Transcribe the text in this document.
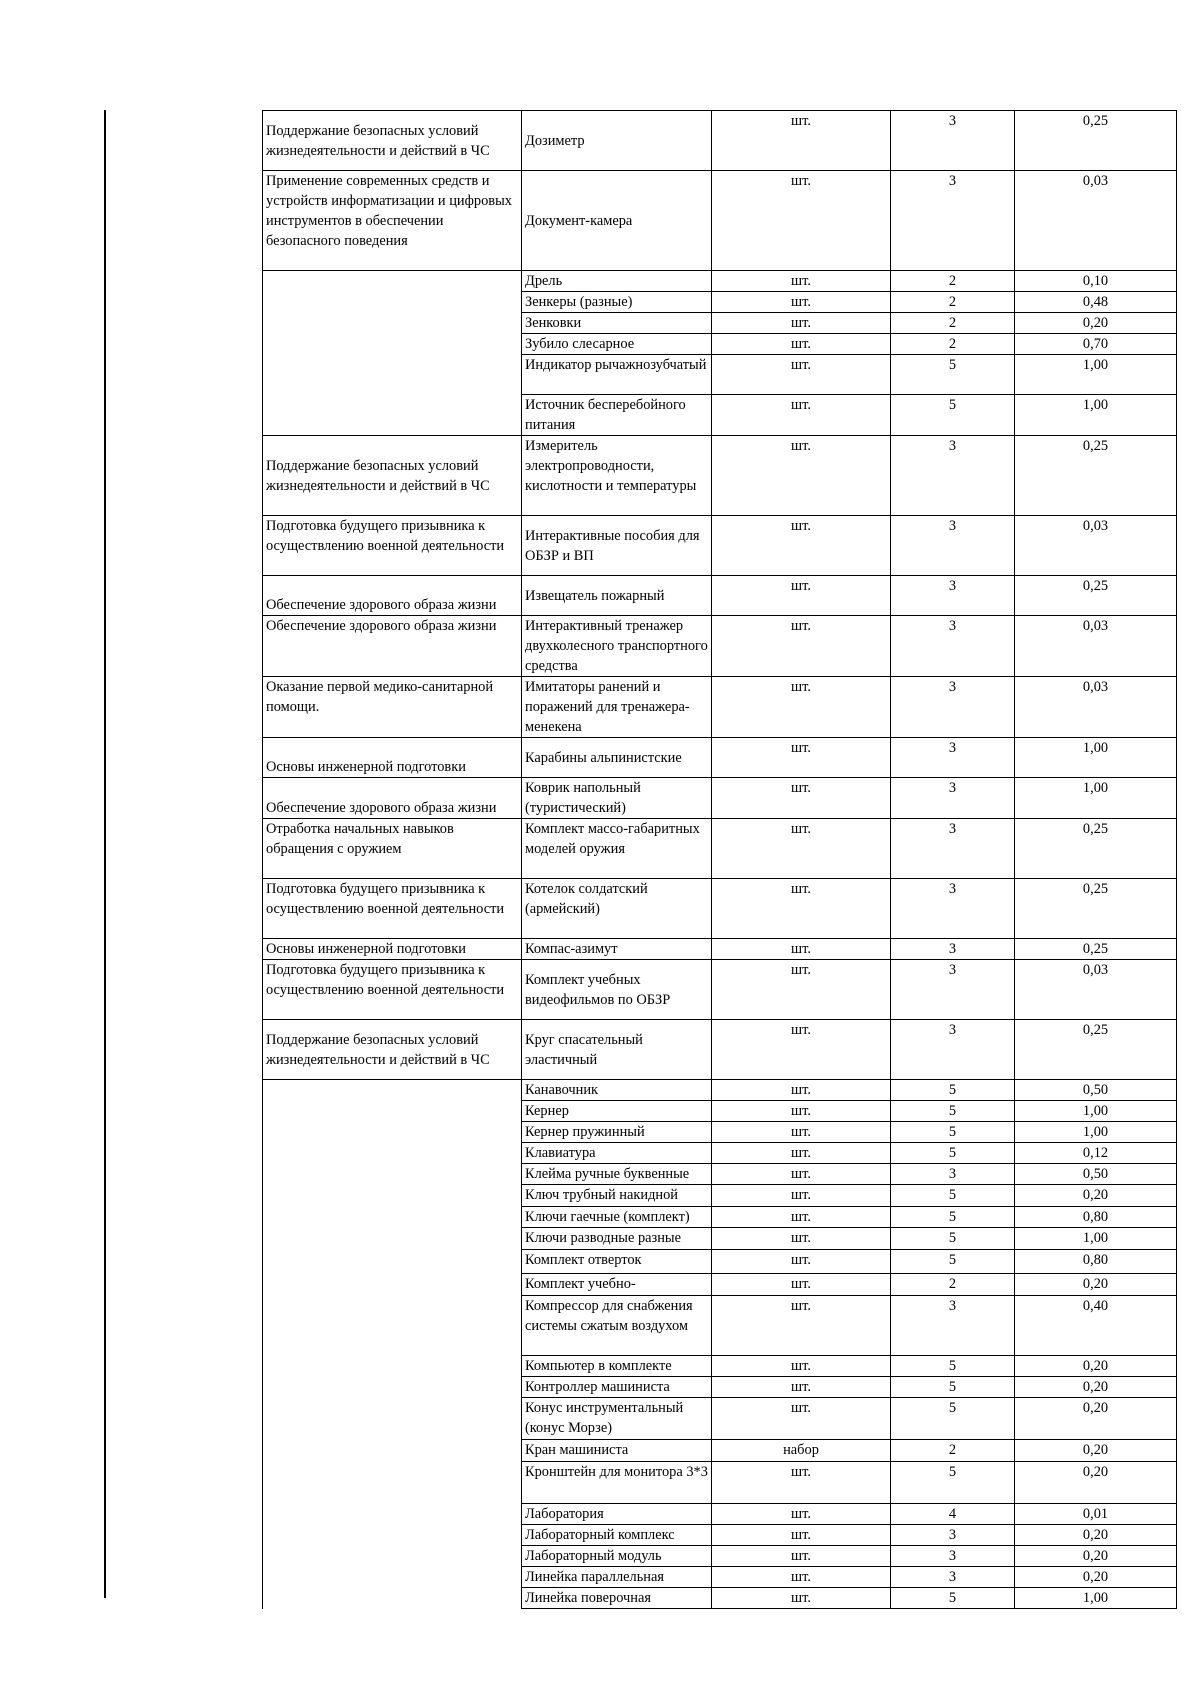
Поддержание безопасных условий жизнедеятельности и действий в ЧС	Дозиметр	шт.	3	0,25
Применение современных средств и устройств информатизации и цифровых инструментов в обеспечении безопасного поведения	Документ-камера	шт.	3	0,03
	Дрель	шт.	2	0,10
	Зенкеры (разные)	шт.	2	0,48
	Зенковки	шт.	2	0,20
	Зубило слесарное	шт.	2	0,70
	Индикатор рычажнозубчатый	шт.	5	1,00
	Источник бесперебойного питания	шт.	5	1,00
Поддержание безопасных условий жизнедеятельности и действий в ЧС	Измеритель электропроводности, кислотности и температуры	шт.	3	0,25
Подготовка будущего призывника к осуществлению военной деятельности	Интерактивные пособия для ОБЗР и ВП	шт.	3	0,03
Обеспечение здорового образа жизни	Извещатель пожарный	шт.	3	0,25
Обеспечение здорового образа жизни	Интерактивный тренажер двухколесного транспортного средства	шт.	3	0,03
Оказание первой медико-санитарной помощи.	Имитаторы ранений и поражений для тренажера-менекена	шт.	3	0,03
Основы инженерной подготовки	Карабины альпинистские	шт.	3	1,00
Обеспечение здорового образа жизни	Коврик напольный (туристический)	шт.	3	1,00
Отработка начальных навыков обращения с оружием	Комплект массо-габаритных моделей оружия	шт.	3	0,25
Подготовка будущего призывника к осуществлению военной деятельности	Котелок солдатский (армейский)	шт.	3	0,25
Основы инженерной подготовки	Компас-азимут	шт.	3	0,25
Подготовка будущего призывника к осуществлению военной деятельности	Комплект учебных видеофильмов по ОБЗР	шт.	3	0,03
Поддержание безопасных условий жизнедеятельности и действий в ЧС	Круг спасательный эластичный	шт.	3	0,25
	Канавочник	шт.	5	0,50
	Кернер	шт.	5	1,00
	Кернер пружинный	шт.	5	1,00
	Клавиатура	шт.	5	0,12
	Клейма ручные буквенные	шт.	3	0,50
	Ключ трубный накидной	шт.	5	0,20
	Ключи гаечные (комплект)	шт.	5	0,80
	Ключи разводные разные	шт.	5	1,00
	Комплект отверток	шт.	5	0,80
	Комплект учебно-	шт.	2	0,20
	Компрессор для снабжения системы сжатым воздухом	шт.	3	0,40
	Компьютер в комплекте	шт.	5	0,20
	Контроллер машиниста	шт.	5	0,20
	Конус инструментальный (конус Морзе)	шт.	5	0,20
	Кран машиниста	набор	2	0,20
	Кронштейн для монитора 3*3	шт.	5	0,20
	Лаборатория	шт.	4	0,01
	Лабораторный комплекс	шт.	3	0,20
	Лабораторный модуль	шт.	3	0,20
	Линейка параллельная	шт.	3	0,20
	Линейка поверочная	шт.	5	1,00
